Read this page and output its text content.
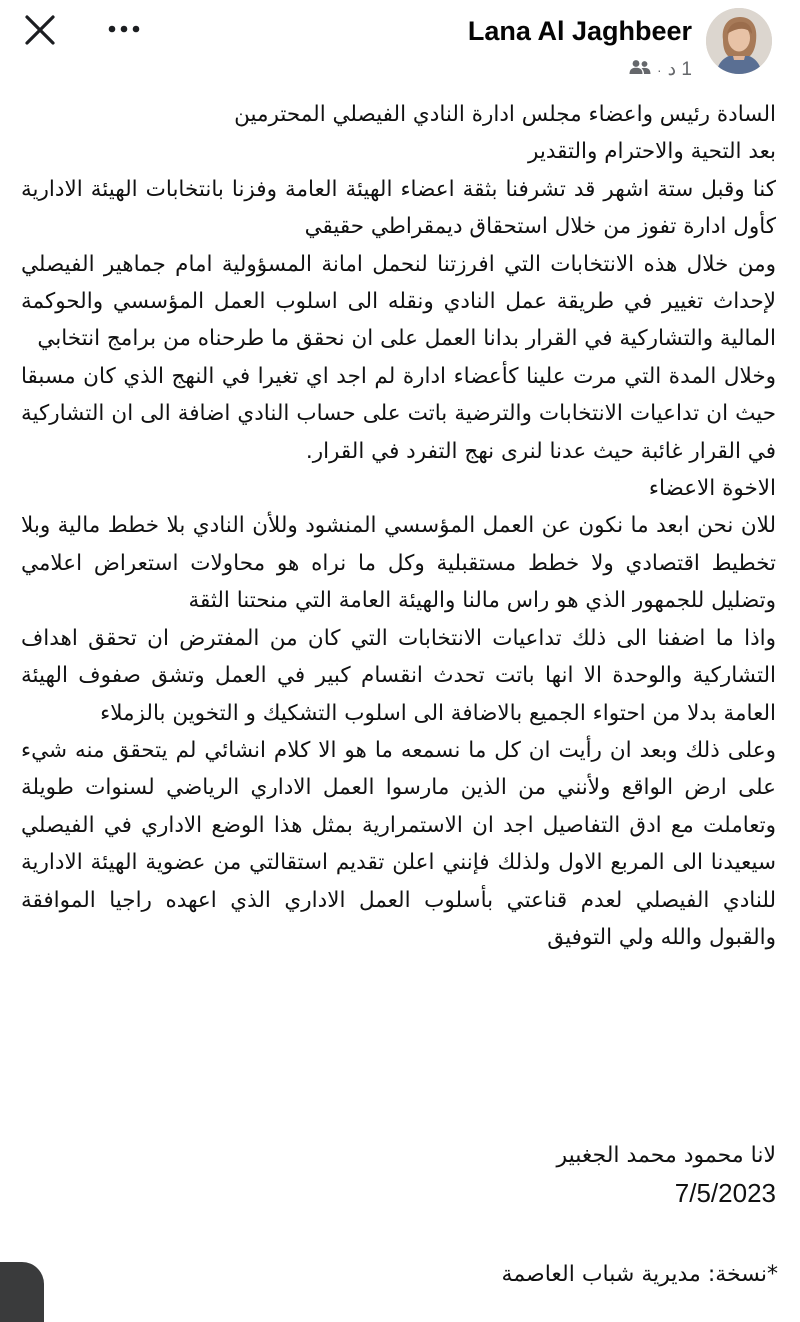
Lana Al Jaghbeer
1 د
·

السادة رئيس واعضاء مجلس ادارة النادي الفيصلي المحترمين

بعد التحية والاحترام والتقدير

كنا وقبل ستة اشهر قد تشرفنا بثقة اعضاء الهيئة العامة وفزنا بانتخابات الهيئة الادارية كأول ادارة تفوز من خلال استحقاق ديمقراطي حقيقي

ومن خلال هذه الانتخابات التي افرزتنا لنحمل امانة المسؤولية امام جماهير الفيصلي لإحداث تغيير في طريقة عمل النادي ونقله الى اسلوب العمل المؤسسي والحوكمة المالية والتشاركية في القرار بدانا العمل على ان نحقق ما طرحناه من برامج انتخابي

وخلال المدة التي مرت علينا كأعضاء ادارة لم اجد اي تغيرا في النهج الذي كان مسبقا حيث ان تداعيات الانتخابات والترضية باتت على حساب النادي اضافة الى ان التشاركية في القرار غائبة حيث عدنا لنرى نهج التفرد في القرار.

الاخوة الاعضاء

للان نحن ابعد ما نكون عن العمل المؤسسي المنشود وللأن النادي بلا خطط مالية وبلا تخطيط اقتصادي ولا خطط مستقبلية وكل ما نراه هو محاولات استعراض اعلامي وتضليل للجمهور الذي هو راس مالنا والهيئة العامة التي منحتنا الثقة

واذا ما اضفنا الى ذلك تداعيات الانتخابات التي كان من المفترض ان تحقق اهداف التشاركية والوحدة الا انها باتت تحدث انقسام كبير في العمل وتشق صفوف الهيئة العامة بدلا من احتواء الجميع بالاضافة الى اسلوب التشكيك و التخوين بالزملاء

وعلى ذلك وبعد ان رأيت ان كل ما نسمعه ما هو الا كلام انشائي لم يتحقق منه شيء على ارض الواقع ولأنني من الذين مارسوا العمل الاداري الرياضي لسنوات طويلة وتعاملت مع ادق التفاصيل اجد ان الاستمرارية بمثل هذا الوضع الاداري في الفيصلي سيعيدنا الى المربع الاول ولذلك فإنني اعلن تقديم استقالتي من عضوية الهيئة الادارية للنادي الفيصلي لعدم قناعتي بأسلوب العمل الاداري الذي اعهده راجيا الموافقة والقبول والله ولي التوفيق

لانا محمود محمد الجغبير
7/5/2023
*نسخة: مديرية شباب العاصمة
